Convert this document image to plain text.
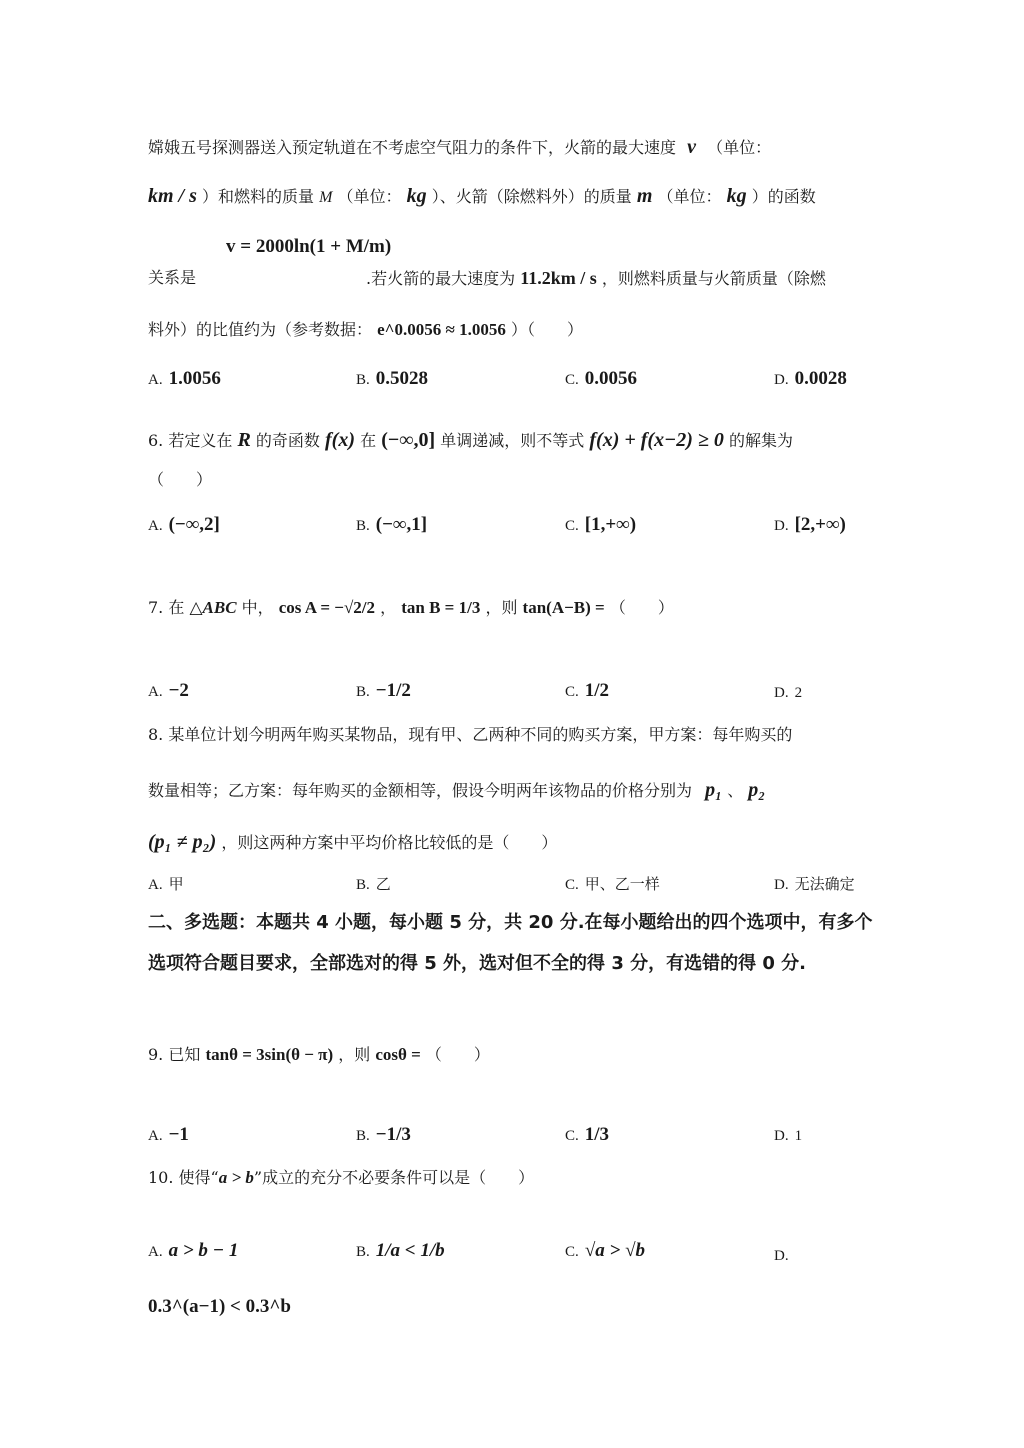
嫦娥五号探测器送入预定轨道在不考虑空气阻力的条件下，火箭的最大速度 v （单位：
km / s ）和燃料的质量 M （单位： kg ）、火箭（除燃料外）的质量 m （单位： kg ）的函数
关系是
v = 2000ln(1 + M/m)
.若火箭的最大速度为 11.2km / s ，则燃料质量与火箭质量（除燃
料外）的比值约为（参考数据： e^0.0056 ≈ 1.0056 ）（　　）
A. 1.0056	B. 0.5028	C. 0.0056	D. 0.0028
6. 若定义在 R 的奇函数 f(x) 在 (−∞,0] 单调递减，则不等式 f(x) + f(x−2) ≥ 0 的解集为
（　　）
A. (−∞,2]	B. (−∞,1]	C. [1,+∞)	D. [2,+∞)
7. 在 △ABC 中， cos A = −√2/2 ， tan B = 1/3 ，则 tan(A−B) = （　　）
A. −2	B. −1/2	C. 1/2	D. 2
8. 某单位计划今明两年购买某物品，现有甲、乙两种不同的购买方案，甲方案：每年购买的
数量相等；乙方案：每年购买的金额相等，假设今明两年该物品的价格分别为 p₁ 、 p₂
(p₁ ≠ p₂) ，则这两种方案中平均价格比较低的是（　　）
A. 甲	B. 乙	C. 甲、乙一样	D. 无法确定
二、多选题：本题共 4 小题，每小题 5 分，共 20 分.在每小题给出的四个选项中，有多个选项符合题目要求，全部选对的得 5 外，选对但不全的得 3 分，有选错的得 0 分.
9. 已知 tanθ = 3sin(θ − π) ，则 cosθ = （　　）
A. −1	B. −1/3	C. 1/3	D. 1
10. 使得“a > b”成立的充分不必要条件可以是（　　）
A. a > b − 1	B. 1/a < 1/b	C. √a > √b	D.
0.3^(a−1) < 0.3^b
